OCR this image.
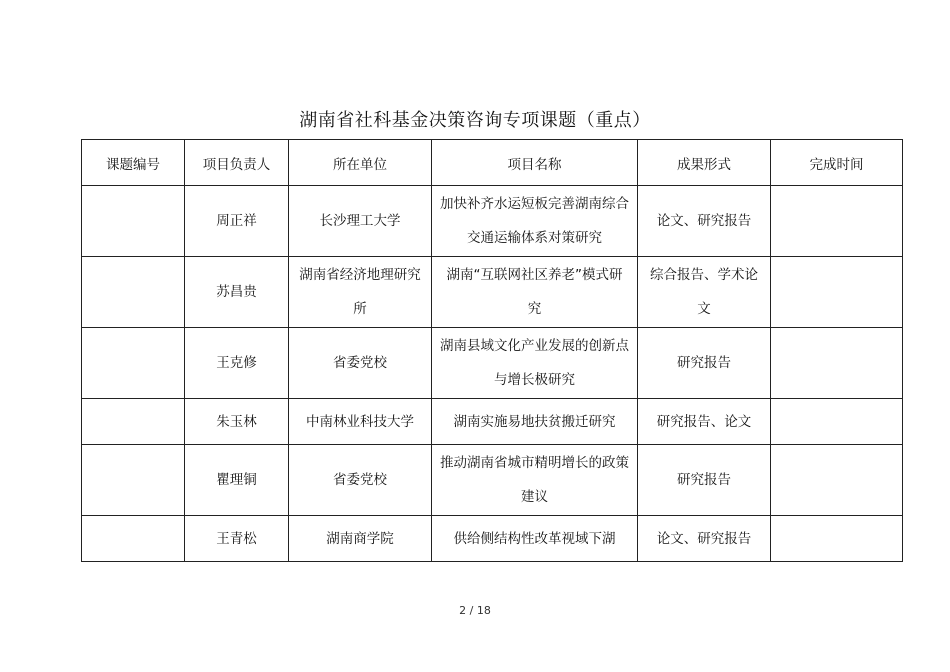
湖南省社科基金决策咨询专项课题（重点）
课题编号	项目负责人	所在单位	项目名称	成果形式	完成时间
	周正祥	长沙理工大学	加快补齐水运短板完善湖南综合交通运输体系对策研究	论文、研究报告	
	苏昌贵	湖南省经济地理研究所	湖南“互联网社区养老”模式研究	综合报告、学术论文	
	王克修	省委党校	湖南县域文化产业发展的创新点与增长极研究	研究报告	
	朱玉林	中南林业科技大学	湖南实施易地扶贫搬迁研究	研究报告、论文	
	瞿理铜	省委党校	推动湖南省城市精明增长的政策建议	研究报告	
	王青松	湖南商学院	供给侧结构性改革视域下湖	论文、研究报告	
2 / 18
